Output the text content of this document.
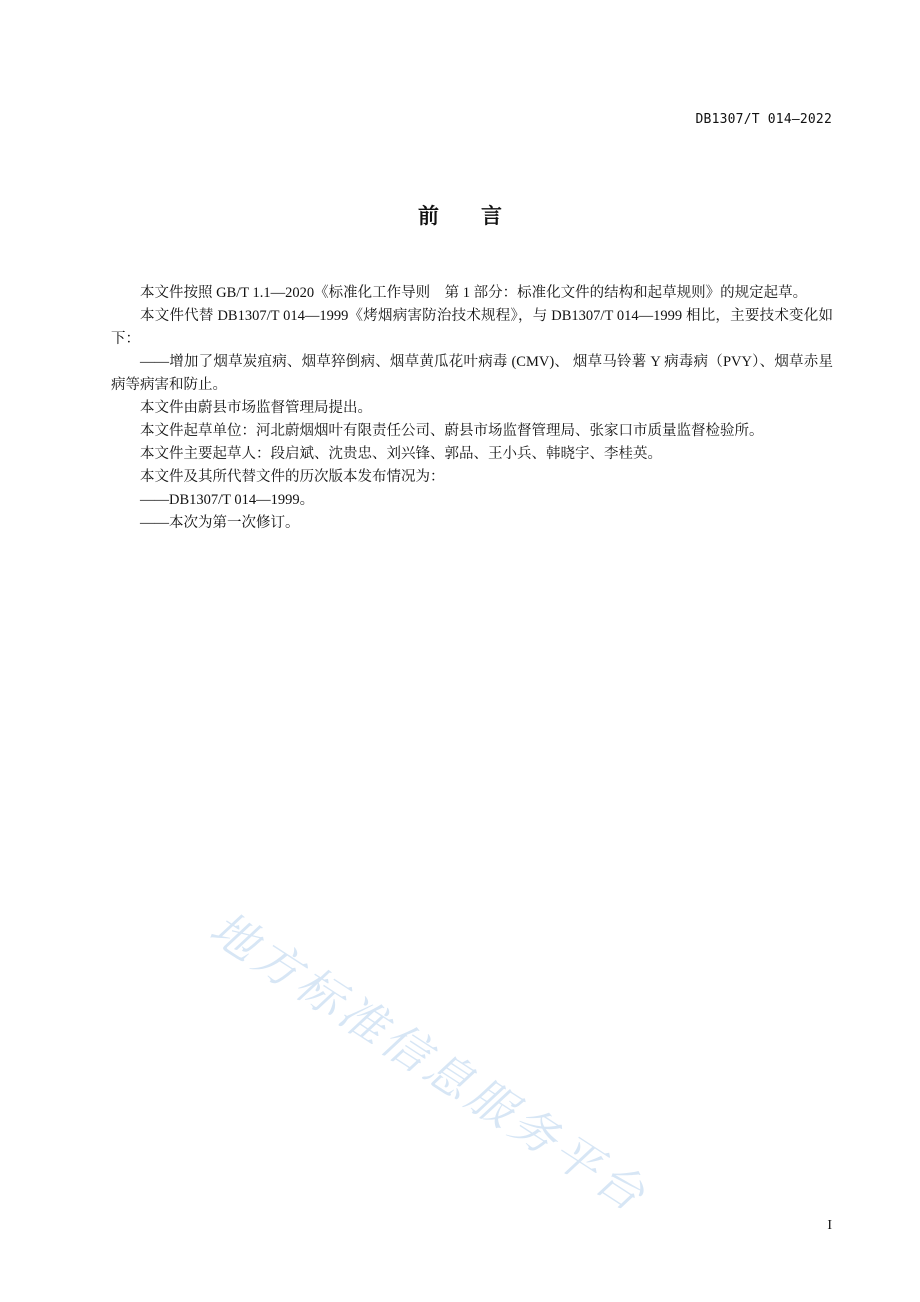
DB1307/T 014—2022
前言

本文件按照 GB/T 1.1—2020《标准化工作导则　第 1 部分：标准化文件的结构和起草规则》的规定起草。

本文件代替 DB1307/T 014—1999《烤烟病害防治技术规程》，与 DB1307/T 014—1999 相比，主要技术变化如下：

——增加了烟草炭疽病、烟草猝倒病、烟草黄瓜花叶病毒 (CMV)、 烟草马铃薯 Y 病毒病（PVY）、烟草赤星病等病害和防止。

本文件由蔚县市场监督管理局提出。

本文件起草单位：河北蔚烟烟叶有限责任公司、蔚县市场监督管理局、张家口市质量监督检验所。

本文件主要起草人：段启斌、沈贵忠、刘兴锋、郭品、王小兵、韩晓宇、李桂英。

本文件及其所代替文件的历次版本发布情况为：

——DB1307/T 014—1999。

——本次为第一次修订。

地方标准信息服务平台
I
